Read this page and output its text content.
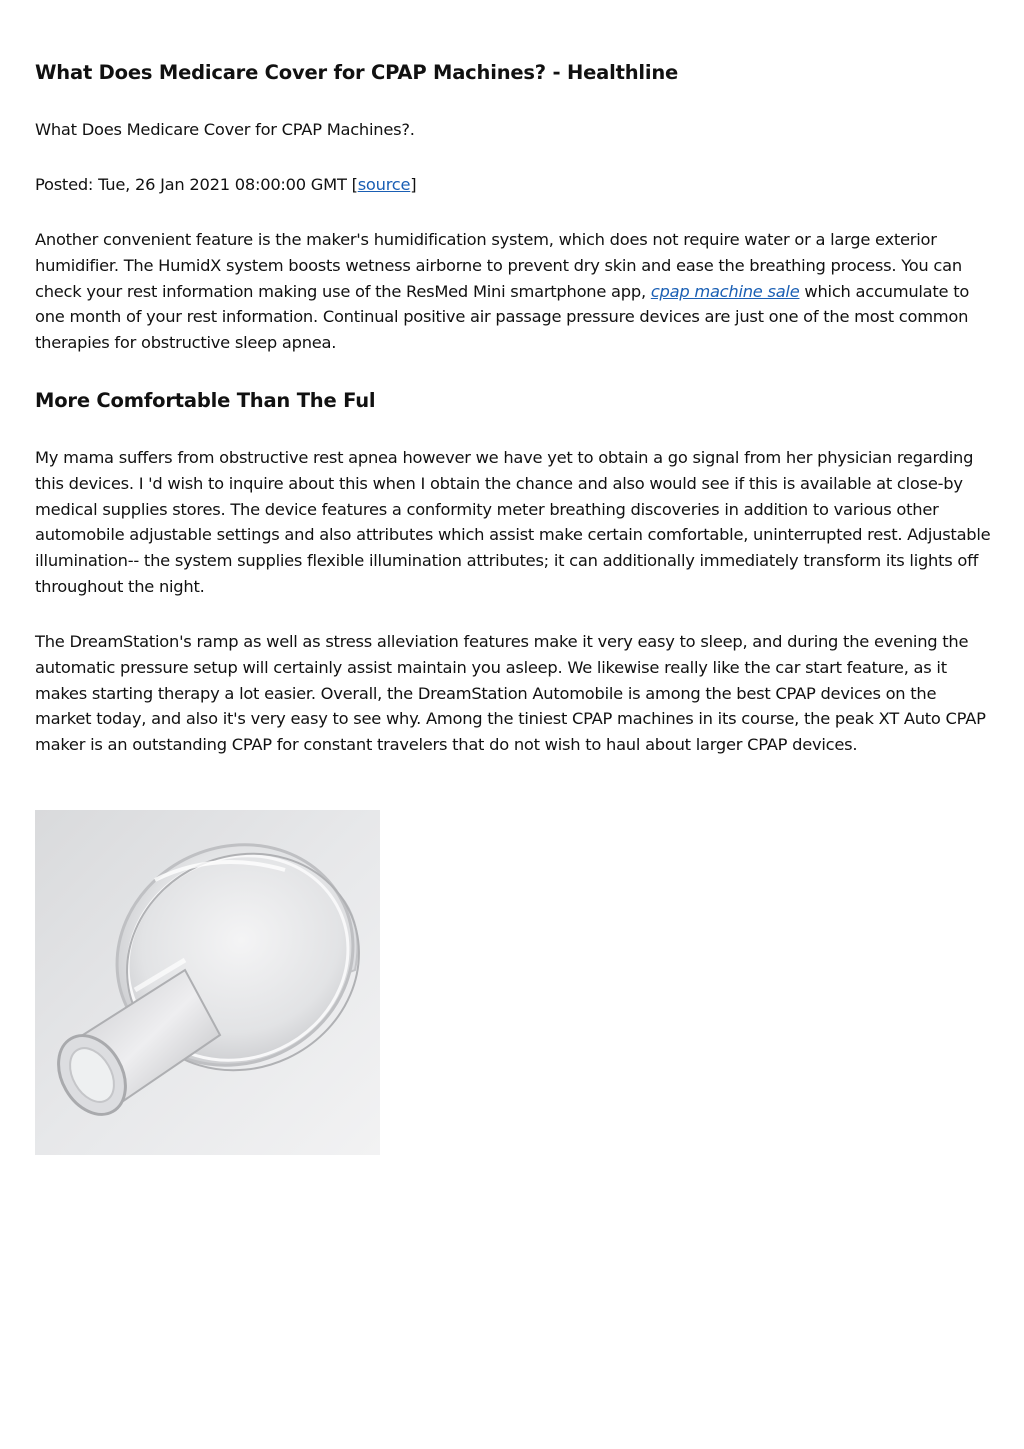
What Does Medicare Cover for CPAP Machines? - Healthline

What Does Medicare Cover for CPAP Machines?.

Posted: Tue, 26 Jan 2021 08:00:00 GMT [source]

Another convenient feature is the maker's humidification system, which does not require water or a large exterior humidifier. The HumidX system boosts wetness airborne to prevent dry skin and ease the breathing process. You can check your rest information making use of the ResMed Mini smartphone app, cpap machine sale which accumulate to one month of your rest information. Continual positive air passage pressure devices are just one of the most common therapies for obstructive sleep apnea.

More Comfortable Than The Ful

My mama suffers from obstructive rest apnea however we have yet to obtain a go signal from her physician regarding this devices. I 'd wish to inquire about this when I obtain the chance and also would see if this is available at close-by medical supplies stores. The device features a conformity meter breathing discoveries in addition to various other automobile adjustable settings and also attributes which assist make certain comfortable, uninterrupted rest. Adjustable illumination-- the system supplies flexible illumination attributes; it can additionally immediately transform its lights off throughout the night.

The DreamStation's ramp as well as stress alleviation features make it very easy to sleep, and during the evening the automatic pressure setup will certainly assist maintain you asleep. We likewise really like the car start feature, as it makes starting therapy a lot easier. Overall, the DreamStation Automobile is among the best CPAP devices on the market today, and also it's very easy to see why. Among the tiniest CPAP machines in its course, the peak XT Auto CPAP maker is an outstanding CPAP for constant travelers that do not wish to haul about larger CPAP devices.
